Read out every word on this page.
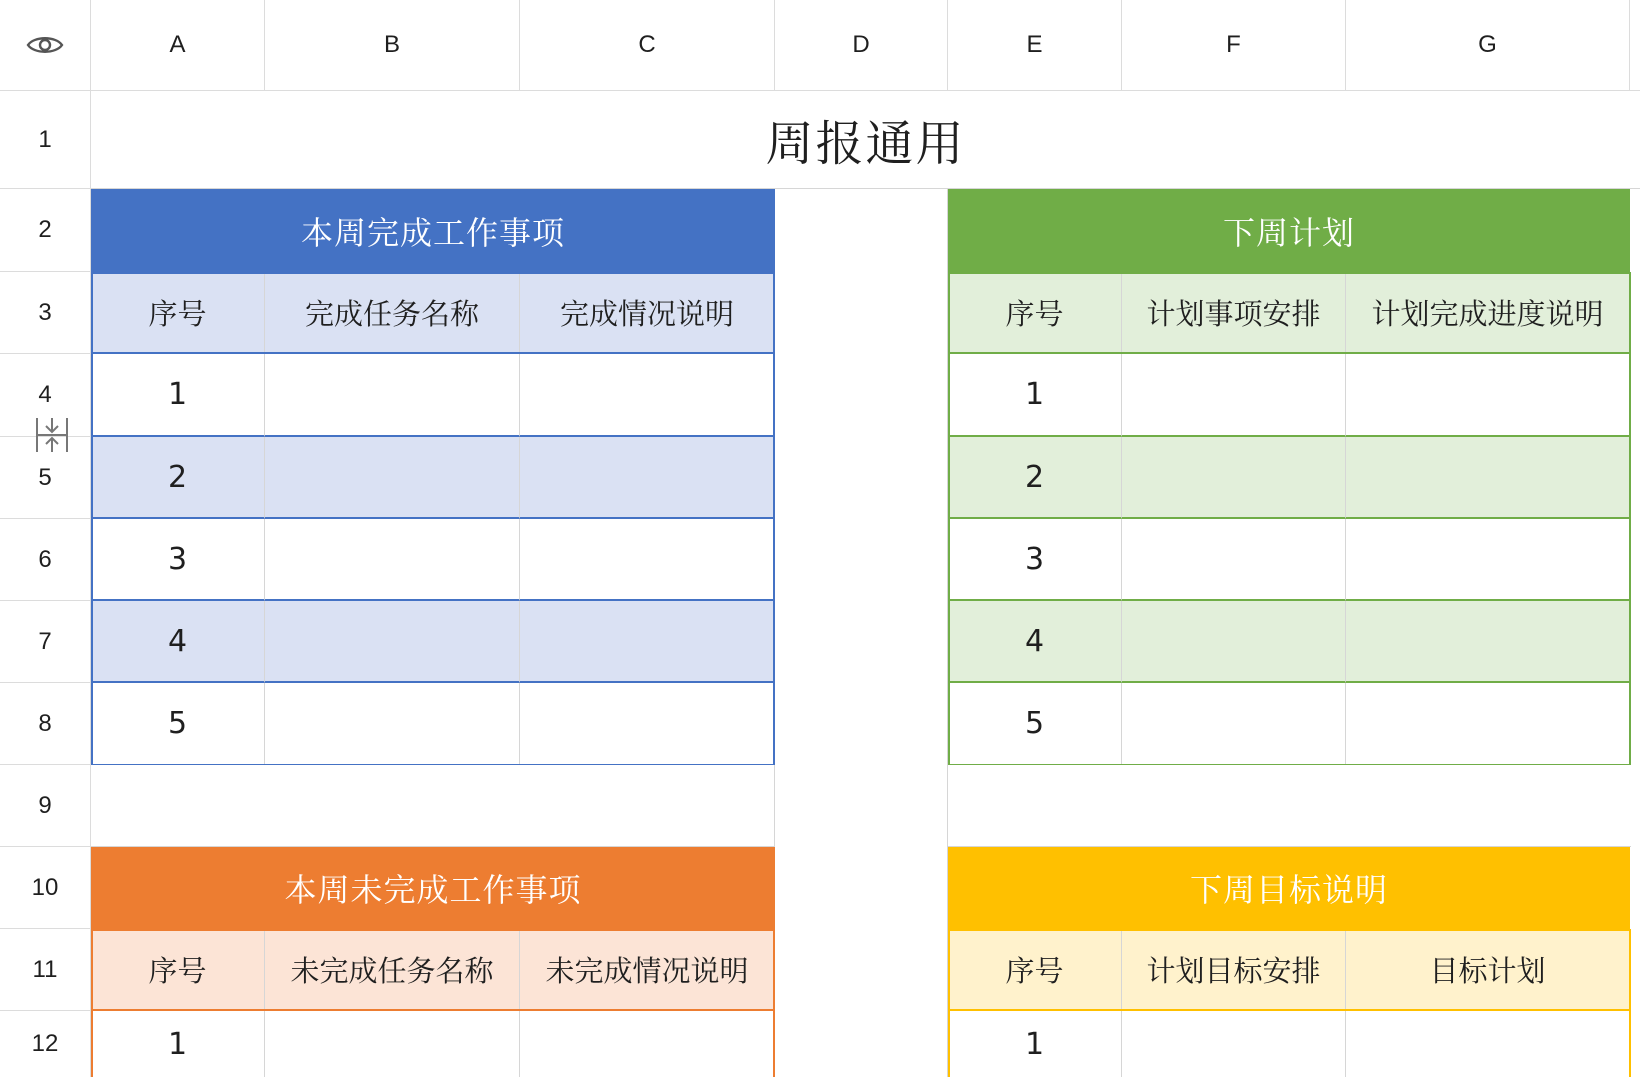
A	B	C	D	E	F	G
1
2
3
4
5
6
7
8
9
10
11
12
周报通用
本周完成工作事项
序号	完成任务名称	完成情况说明
1
2
3
4
5
下周计划
序号	计划事项安排	计划完成进度说明
1
2
3
4
5
本周未完成工作事项
序号	未完成任务名称	未完成情况说明
1
下周目标说明
序号	计划目标安排	目标计划
1
